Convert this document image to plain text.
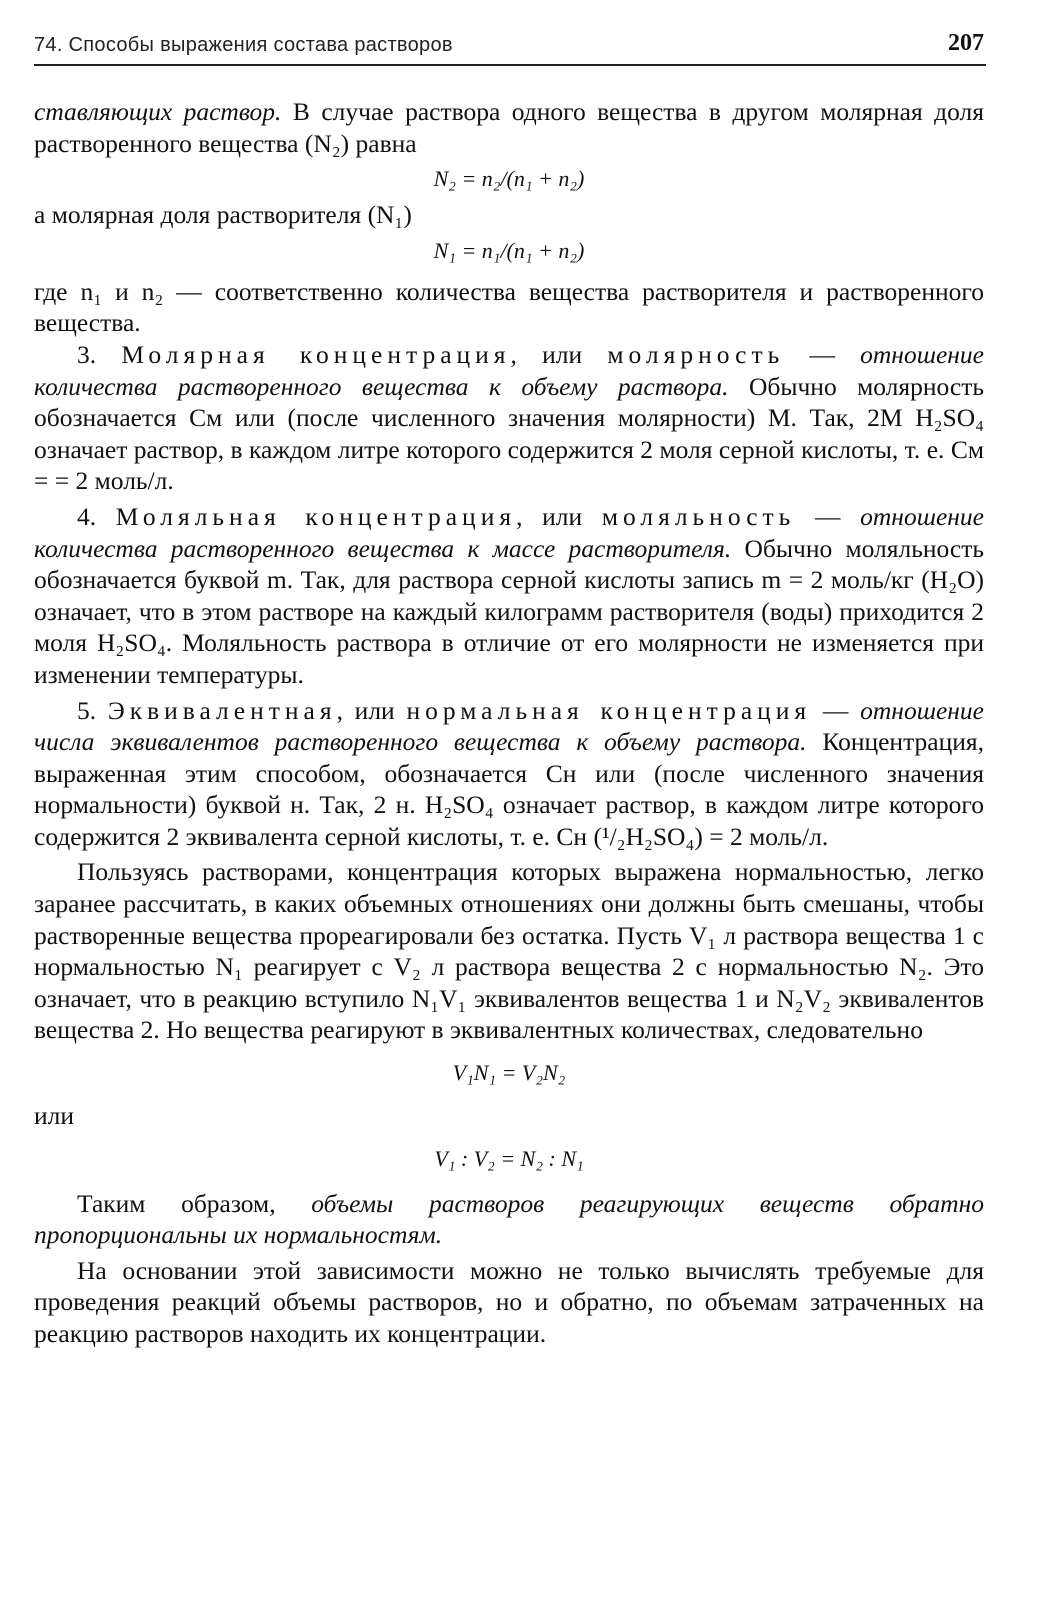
74. Способы выражения состава растворов	207

ставляющих раствор. В случае раствора одного вещества в другом молярная доля растворенного вещества (N₂) равна

N₂ = n₂/(n₁ + n₂)

а молярная доля растворителя (N₁)

N₁ = n₁/(n₁ + n₂)

где n₁ и n₂ — соответственно количества вещества растворителя и растворенного вещества.

3. Молярная концентрация, или молярность — отношение количества растворенного вещества к объему раствора. Обычно молярность обозначается Cм или (после численного значения молярности) M. Так, 2M H₂SO₄ означает раствор, в каждом литре которого содержится 2 моля серной кислоты, т. е. Cм = = 2 моль/л.

4. Моляльная концентрация, или моляльность — отношение количества растворенного вещества к массе растворителя. Обычно моляльность обозначается буквой m. Так, для раствора серной кислоты запись m = 2 моль/кг (H₂O) означает, что в этом растворе на каждый килограмм растворителя (воды) приходится 2 моля H₂SO₄. Моляльность раствора в отличие от его молярности не изменяется при изменении температуры.

5. Эквивалентная, или нормальная концентрация — отношение числа эквивалентов растворенного вещества к объему раствора. Концентрация, выраженная этим способом, обозначается Cн или (после численного значения нормальности) буквой н. Так, 2 н. H₂SO₄ означает раствор, в каждом литре которого содержится 2 эквивалента серной кислоты, т. е. Cн (¹/₂H₂SO₄) = 2 моль/л.

Пользуясь растворами, концентрация которых выражена нормальностью, легко заранее рассчитать, в каких объемных отношениях они должны быть смешаны, чтобы растворенные вещества прореагировали без остатка. Пусть V₁ л раствора вещества 1 с нормальностью N₁ реагирует с V₂ л раствора вещества 2 с нормальностью N₂. Это означает, что в реакцию вступило N₁V₁ эквивалентов вещества 1 и N₂V₂ эквивалентов вещества 2. Но вещества реагируют в эквивалентных количествах, следовательно

V₁N₁ = V₂N₂

или

V₁ : V₂ = N₂ : N₁

Таким образом, объемы растворов реагирующих веществ обратно пропорциональны их нормальностям.

На основании этой зависимости можно не только вычислять требуемые для проведения реакций объемы растворов, но и обратно, по объемам затраченных на реакцию растворов находить их концентрации.
